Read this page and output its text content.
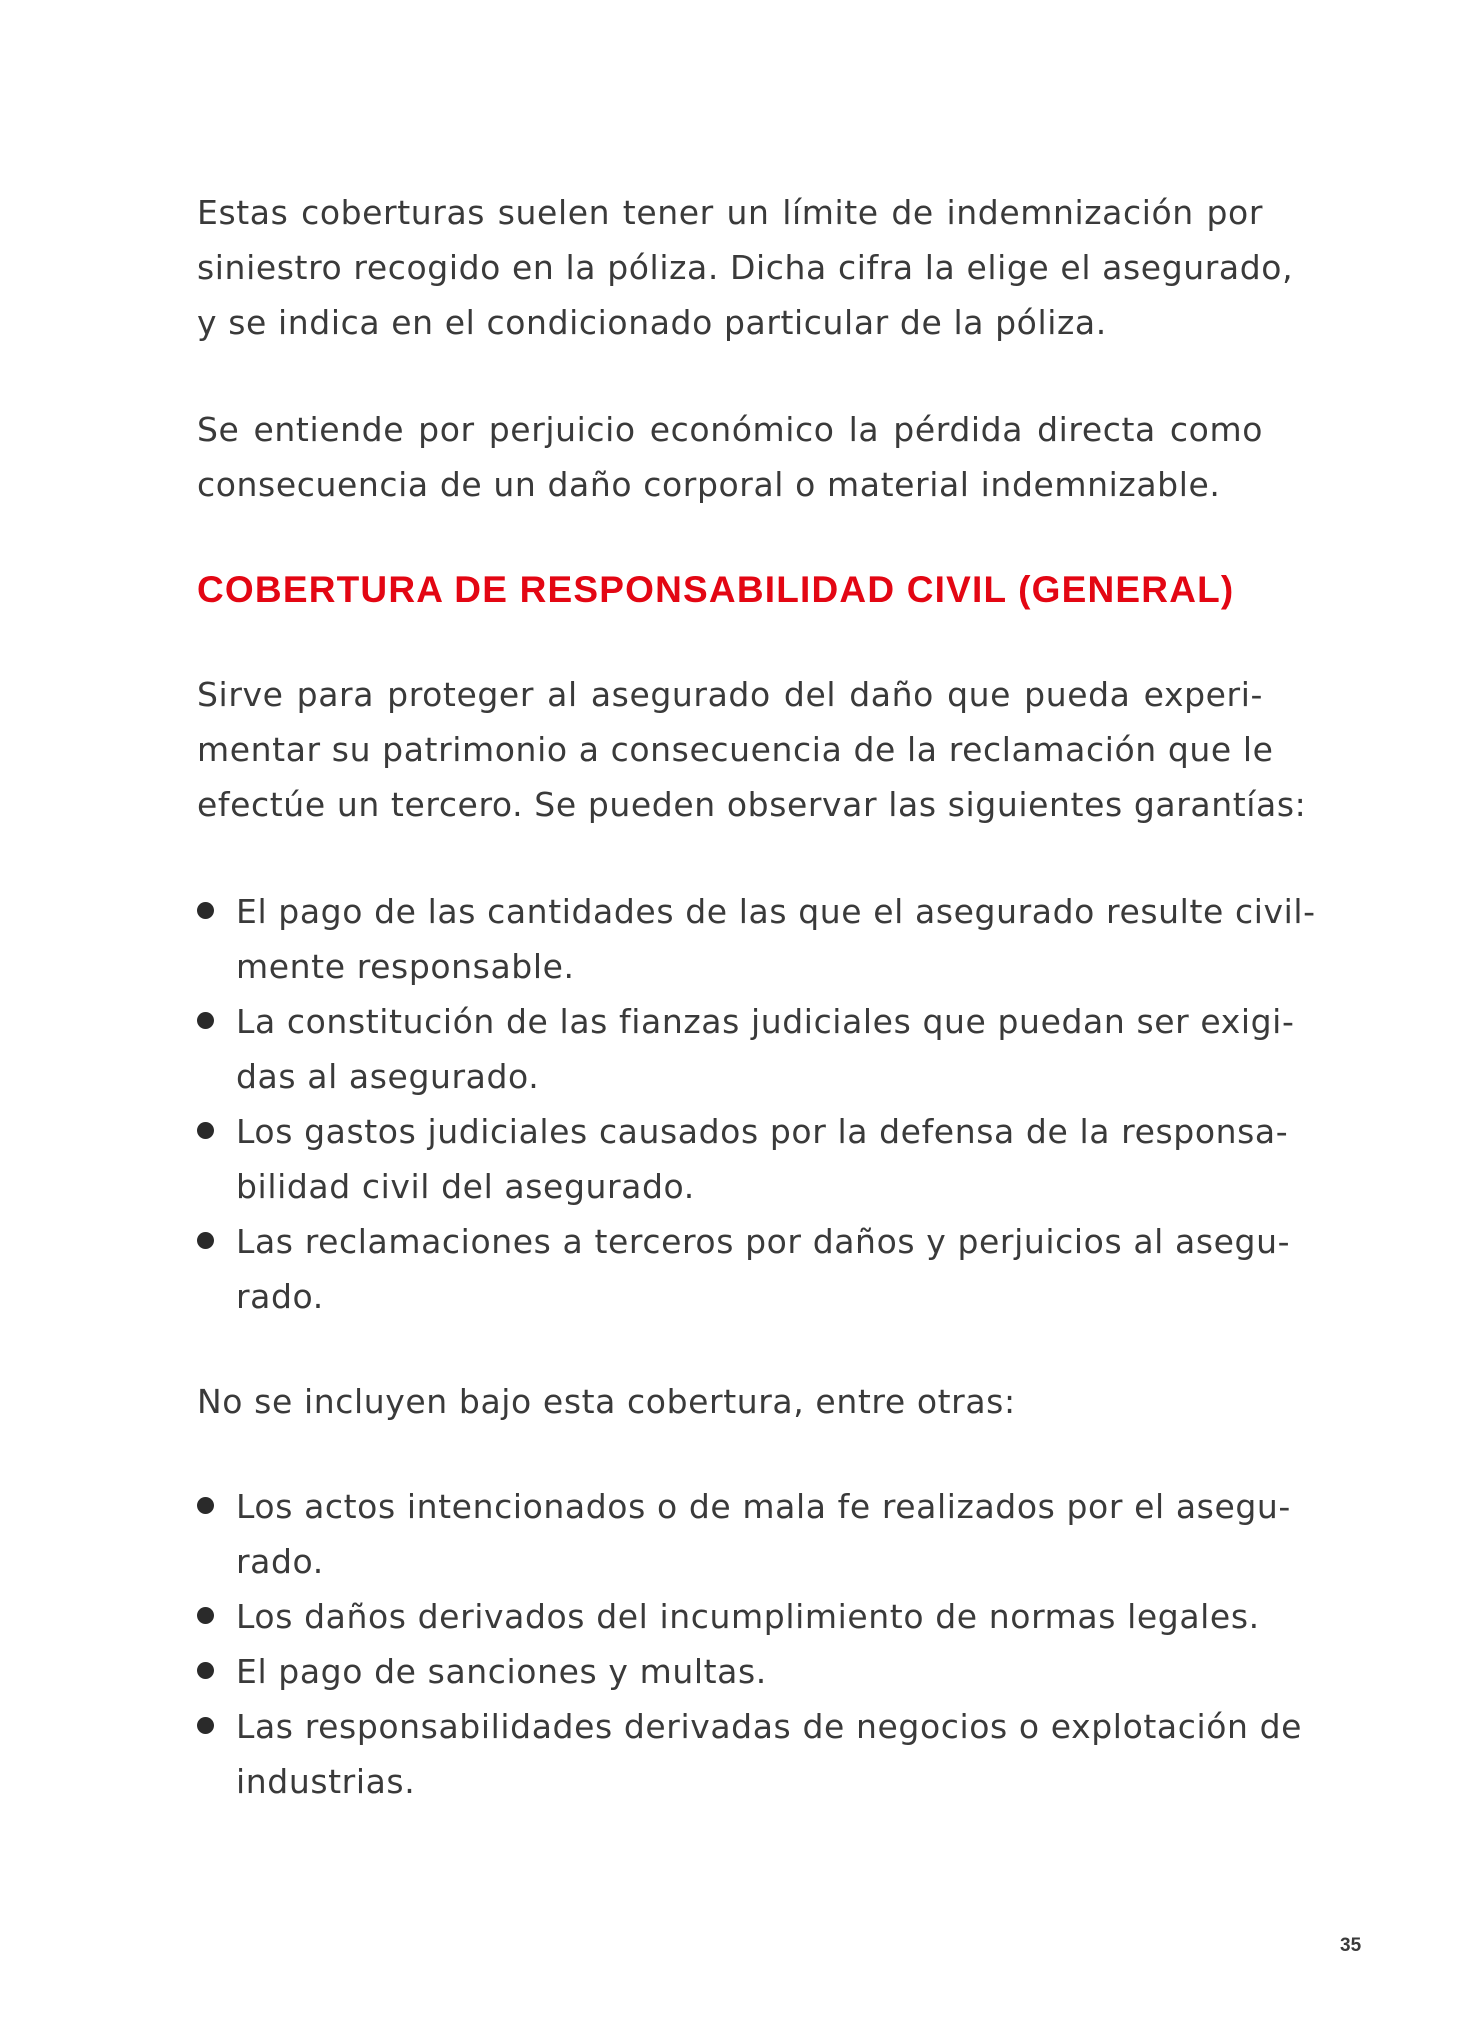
Estas coberturas suelen tener un límite de indemnización por
siniestro recogido en la póliza. Dicha cifra la elige el asegurado,
y se indica en el condicionado particular de la póliza.

Se entiende por perjuicio económico la pérdida directa como
consecuencia de un daño corporal o material indemnizable.

COBERTURA DE RESPONSABILIDAD CIVIL (GENERAL)

Sirve para proteger al asegurado del daño que pueda experi-
mentar su patrimonio a consecuencia de la reclamación que le
efectúe un tercero. Se pueden observar las siguientes garantías:

El pago de las cantidades de las que el asegurado resulte civil-
mente responsable.
La constitución de las fianzas judiciales que puedan ser exigi-
das al asegurado.
Los gastos judiciales causados por la defensa de la responsa-
bilidad civil del asegurado.
Las reclamaciones a terceros por daños y perjuicios al asegu-
rado.

No se incluyen bajo esta cobertura, entre otras:

Los actos intencionados o de mala fe realizados por el asegu-
rado.
Los daños derivados del incumplimiento de normas legales.
El pago de sanciones y multas.
Las responsabilidades derivadas de negocios o explotación de
industrias.
35
